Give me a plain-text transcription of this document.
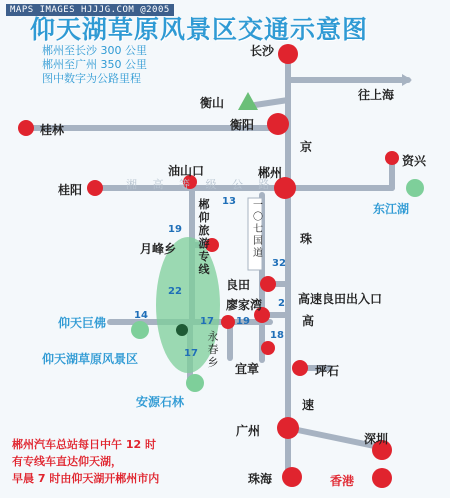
MAPS IMAGES HJJJG.COM @2005
仰天湖草原风景区交通示意图
郴州至长沙 300 公里
郴州至广州 350 公里
图中数字为公路里程
长沙
往上海
衡山
衡阳
桂林
油山口	郴州
资兴
桂阳
东江湖
月峰乡
良田
廖家湾	高速良田出入口
仰天巨佛
仰天湖草原风景区
宜章	坪石
安源石林
广州
深圳
珠海	香港
永春乡
一〇七国道
郴仰旅游专线
京
珠
高
速
湘 高 等 级 公 路
13
19
22
14
32
2
17 19
18
17
郴州汽车总站每日中午 12 时
有专线车直达仰天湖，
早晨 7 时由仰天湖开郴州市内
